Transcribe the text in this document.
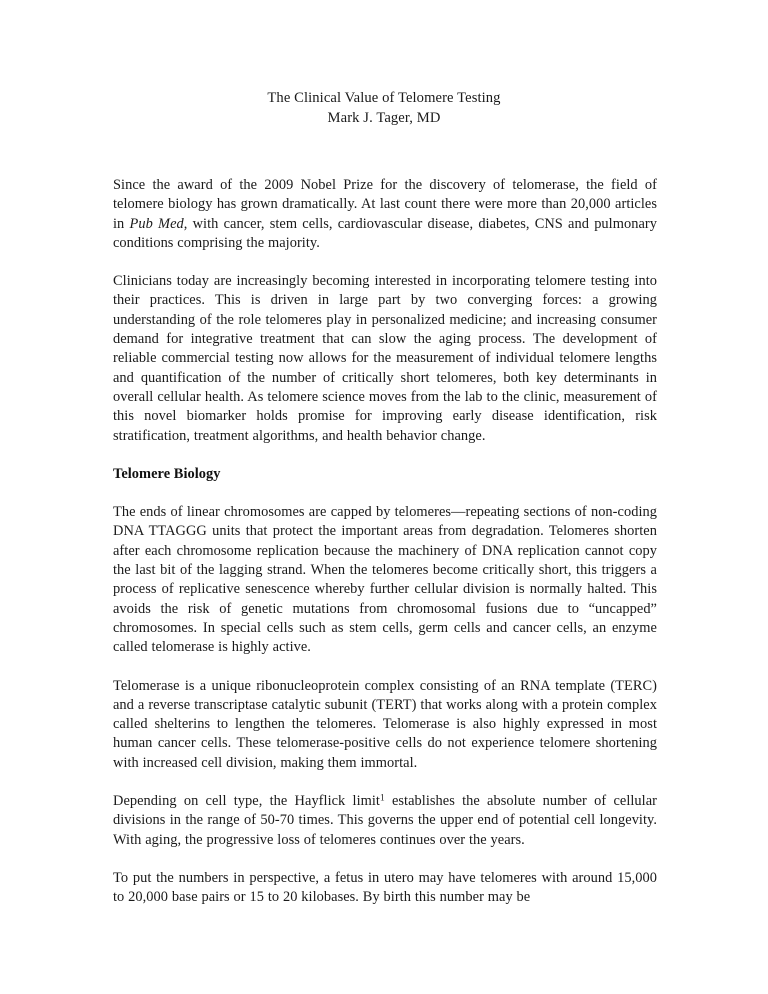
The Clinical Value of Telomere Testing
Mark J. Tager, MD

Since the award of the 2009 Nobel Prize for the discovery of telomerase, the field of telomere biology has grown dramatically. At last count there were more than 20,000 articles in Pub Med, with cancer, stem cells, cardiovascular disease, diabetes, CNS and pulmonary conditions comprising the majority.

Clinicians today are increasingly becoming interested in incorporating telomere testing into their practices. This is driven in large part by two converging forces: a growing understanding of the role telomeres play in personalized medicine; and increasing consumer demand for integrative treatment that can slow the aging process. The development of reliable commercial testing now allows for the measurement of individual telomere lengths and quantification of the number of critically short telomeres, both key determinants in overall cellular health. As telomere science moves from the lab to the clinic, measurement of this novel biomarker holds promise for improving early disease identification, risk stratification, treatment algorithms, and health behavior change.

Telomere Biology

The ends of linear chromosomes are capped by telomeres—repeating sections of non-coding DNA TTAGGG units that protect the important areas from degradation. Telomeres shorten after each chromosome replication because the machinery of DNA replication cannot copy the last bit of the lagging strand. When the telomeres become critically short, this triggers a process of replicative senescence whereby further cellular division is normally halted. This avoids the risk of genetic mutations from chromosomal fusions due to “uncapped” chromosomes. In special cells such as stem cells, germ cells and cancer cells, an enzyme called telomerase is highly active.

Telomerase is a unique ribonucleoprotein complex consisting of an RNA template (TERC) and a reverse transcriptase catalytic subunit (TERT) that works along with a protein complex called shelterins to lengthen the telomeres. Telomerase is also highly expressed in most human cancer cells. These telomerase-positive cells do not experience telomere shortening with increased cell division, making them immortal.

Depending on cell type, the Hayflick limit$^1$ establishes the absolute number of cellular divisions in the range of 50-70 times. This governs the upper end of potential cell longevity. With aging, the progressive loss of telomeres continues over the years.

To put the numbers in perspective, a fetus in utero may have telomeres with around 15,000 to 20,000 base pairs or 15 to 20 kilobases. By birth this number may be
